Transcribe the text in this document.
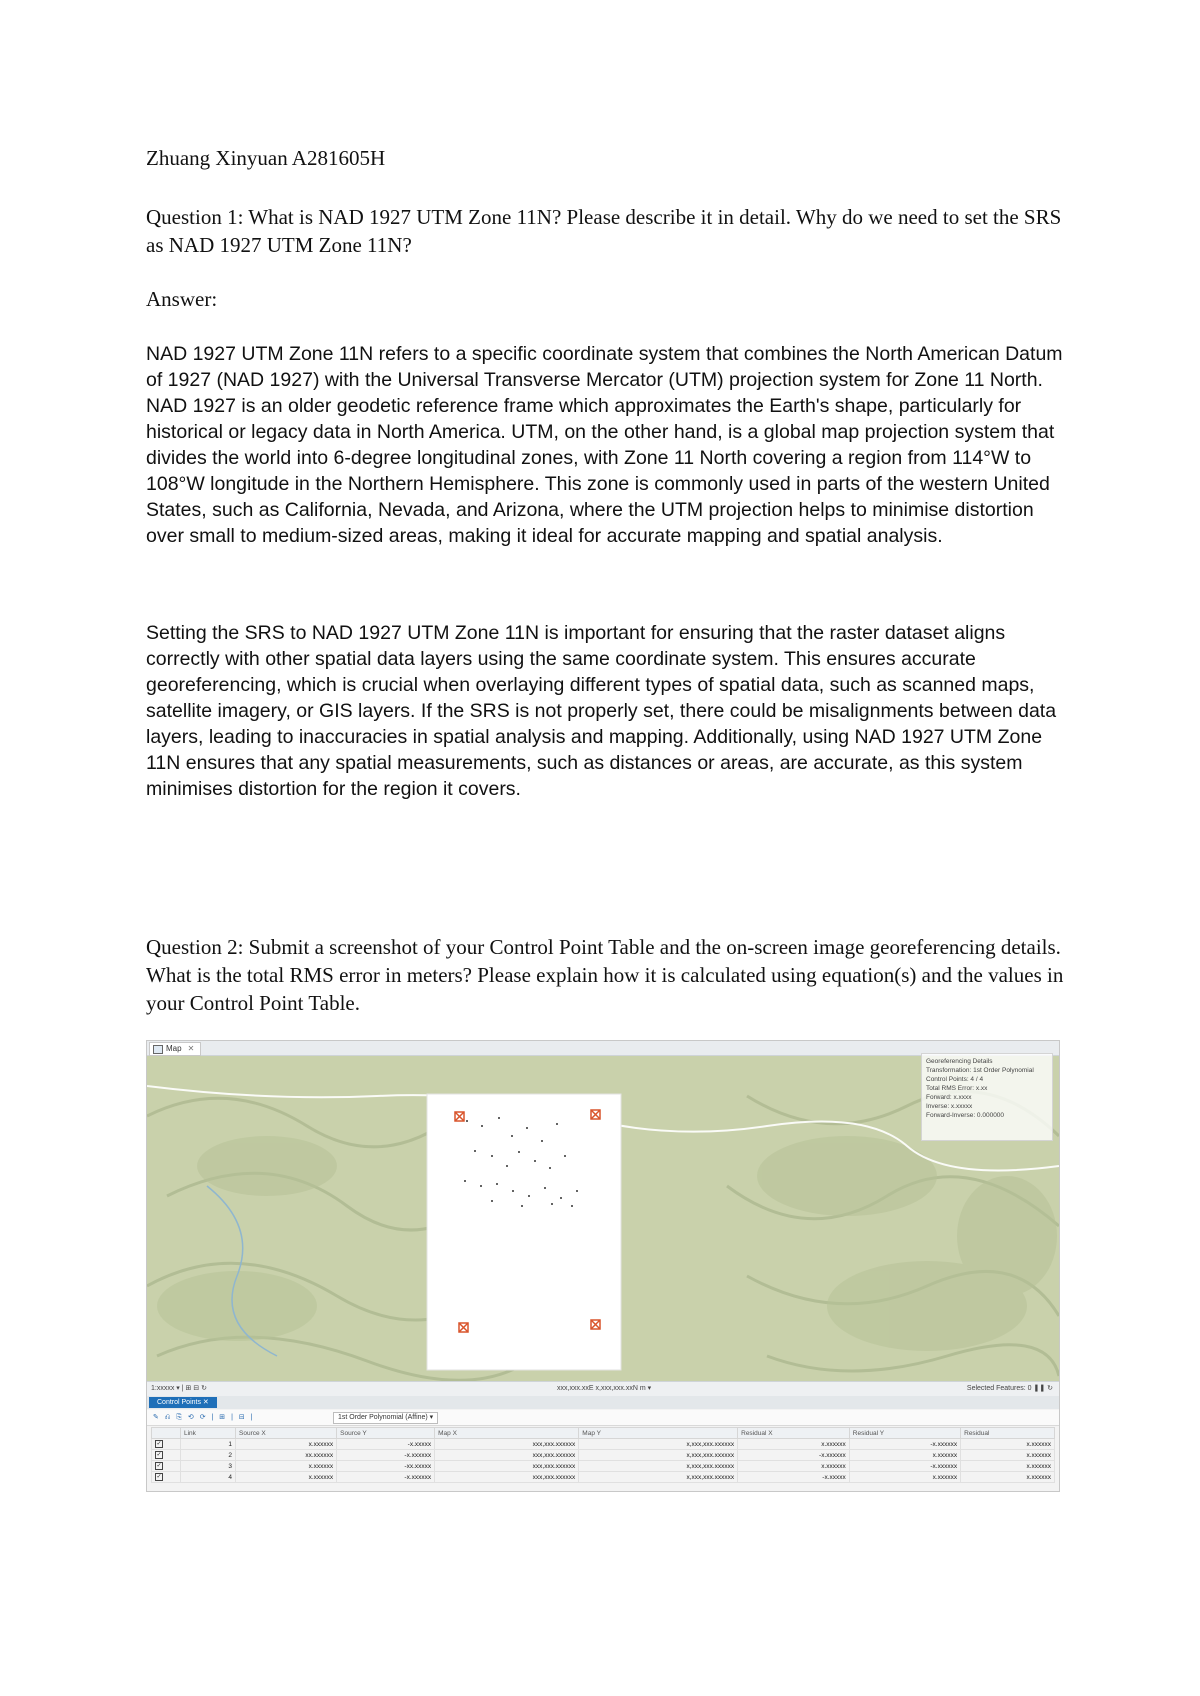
Zhuang Xinyuan A281605H

Question 1: What is NAD 1927 UTM Zone 11N? Please describe it in detail. Why do we need to set the SRS as NAD 1927 UTM Zone 11N?

Answer:

NAD 1927 UTM Zone 11N refers to a specific coordinate system that combines the North American Datum of 1927 (NAD 1927) with the Universal Transverse Mercator (UTM) projection system for Zone 11 North. NAD 1927 is an older geodetic reference frame which approximates the Earth's shape, particularly for historical or legacy data in North America. UTM, on the other hand, is a global map projection system that divides the world into 6-degree longitudinal zones, with Zone 11 North covering a region from 114°W to 108°W longitude in the Northern Hemisphere. This zone is commonly used in parts of the western United States, such as California, Nevada, and Arizona, where the UTM projection helps to minimise distortion over small to medium-sized areas, making it ideal for accurate mapping and spatial analysis.

Setting the SRS to NAD 1927 UTM Zone 11N is important for ensuring that the raster dataset aligns correctly with other spatial data layers using the same coordinate system. This ensures accurate georeferencing, which is crucial when overlaying different types of spatial data, such as scanned maps, satellite imagery, or GIS layers. If the SRS is not properly set, there could be misalignments between data layers, leading to inaccuracies in spatial analysis and mapping. Additionally, using NAD 1927 UTM Zone 11N ensures that any spatial measurements, such as distances or areas, are accurate, as this system minimises distortion for the region it covers.

Question 2: Submit a screenshot of your Control Point Table and the on-screen image georeferencing details. What is the total RMS error in meters? Please explain how it is calculated using equation(s) and the values in your Control Point Table.

Map ✕
Georeferencing Details
Transformation: 1st Order Polynomial
Control Points: 4 / 4
Total RMS Error: x.xx
Forward: x.xxxx
Inverse: x.xxxxx
Forward-Inverse: 0.000000
1:xxxxx ▾ | ⊞ ⊟ ↻	xxx,xxx.xxE x,xxx,xxx.xxN m ▾	Selected Features: 0 ❚❚ ↻
Control Points ✕
✎ ⎌ ⎘ ⟲ ⟳ | ⊞ | ⊟ |	1st Order Polynomial (Affine) ▾
	Link	Source X	Source Y	Map X	Map Y	Residual X	Residual Y	Residual
✓	1	x.xxxxxx	-x.xxxxx	xxx,xxx.xxxxxx	x,xxx,xxx.xxxxxx	x.xxxxxx	-x.xxxxxx	x.xxxxxx
✓	2	xx.xxxxxx	-x.xxxxxx	xxx,xxx.xxxxxx	x,xxx,xxx.xxxxxx	-x.xxxxxx	x.xxxxxx	x.xxxxxx
✓	3	x.xxxxxx	-xx.xxxxx	xxx,xxx.xxxxxx	x,xxx,xxx.xxxxxx	x.xxxxxx	-x.xxxxxx	x.xxxxxx
✓	4	x.xxxxxx	-x.xxxxxx	xxx,xxx.xxxxxx	x,xxx,xxx.xxxxxx	-x.xxxxx	x.xxxxxx	x.xxxxxx
